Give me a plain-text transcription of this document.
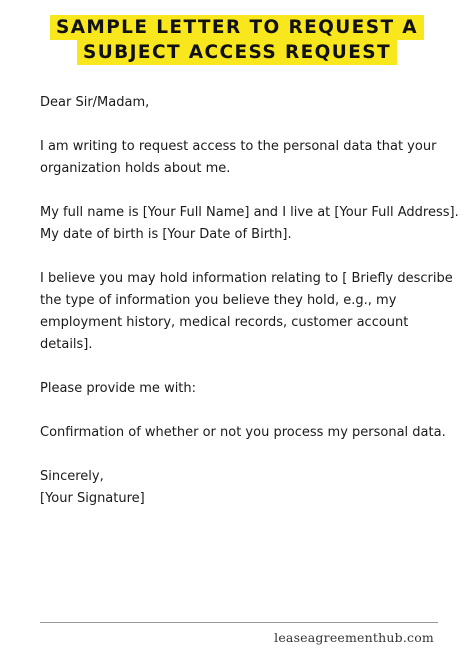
SAMPLE LETTER TO REQUEST A
SUBJECT ACCESS REQUEST

Dear Sir/Madam,

I am writing to request access to the personal data that your organization holds about me.

My full name is [Your Full Name] and I live at [Your Full Address]. My date of birth is [Your Date of Birth].

I believe you may hold information relating to [ Briefly describe the type of information you believe they hold, e.g., my employment history, medical records, customer account details].

Please provide me with:

Confirmation of whether or not you process my personal data.

Sincerely,

[Your Signature]

leaseagreementhub.com
